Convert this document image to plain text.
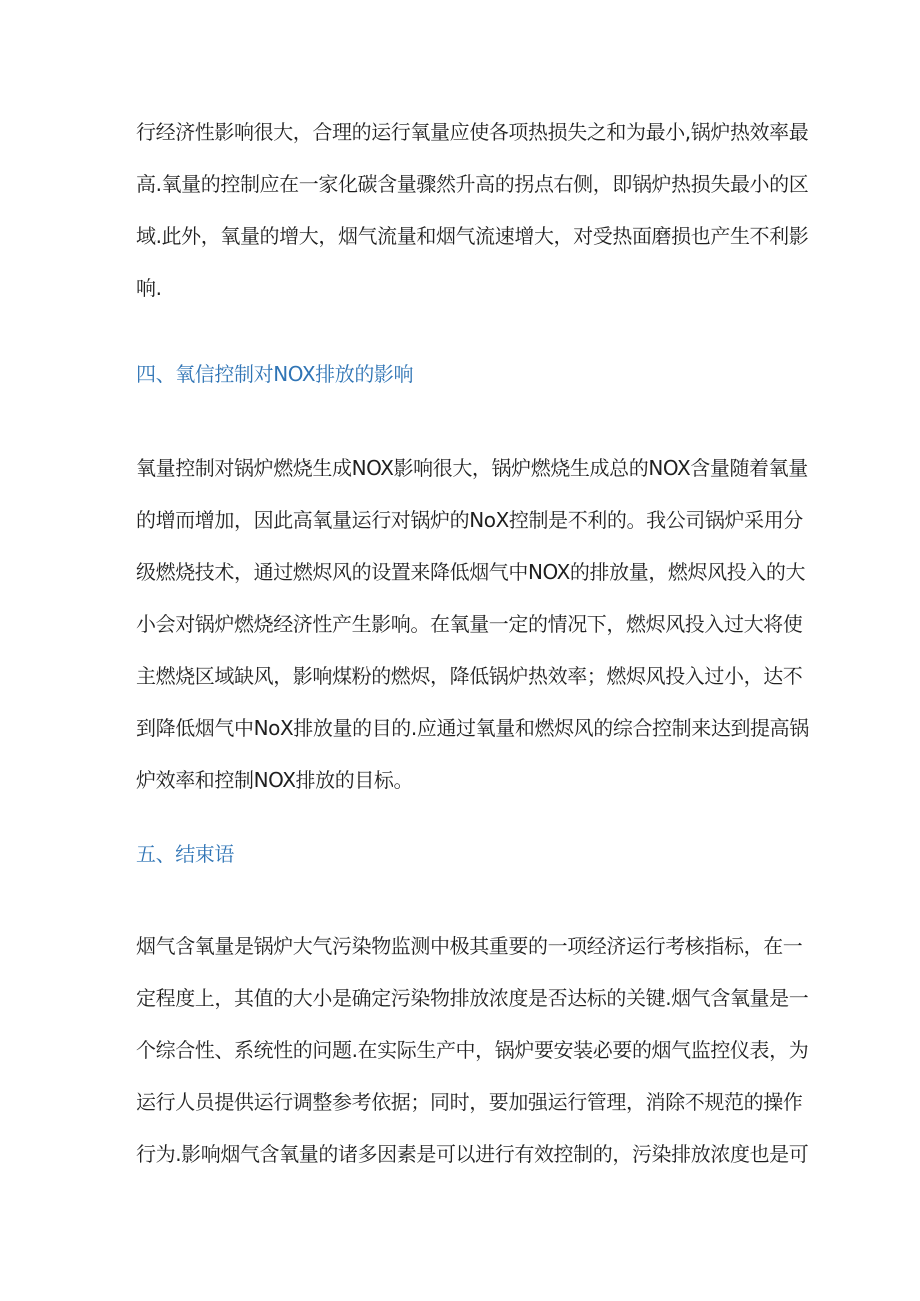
行经济性影响很大，合理的运行氧量应使各项热损失之和为最小,锅炉热效率最
高.氧量的控制应在一家化碳含量骤然升高的拐点右侧，即锅炉热损失最小的区
域.此外，氧量的增大，烟气流量和烟气流速增大，对受热面磨损也产生不利影
响.

四、氧信控制对NOX排放的影响

氧量控制对锅炉燃烧生成NOX影响很大，锅炉燃烧生成总的NOX含量随着氧量
的增而增加，因此高氧量运行对锅炉的NoX控制是不利的。我公司锅炉采用分
级燃烧技术，通过燃烬风的设置来降低烟气中NOX的排放量，燃烬风投入的大
小会对锅炉燃烧经济性产生影响。在氧量一定的情况下，燃烬风投入过大将使
主燃烧区域缺风，影响煤粉的燃烬，降低锅炉热效率；燃烬风投入过小，达不
到降低烟气中NoX排放量的目的.应通过氧量和燃烬风的综合控制来达到提高锅
炉效率和控制NOX排放的目标。

五、结束语

烟气含氧量是锅炉大气污染物监测中极其重要的一项经济运行考核指标，在一
定程度上，其值的大小是确定污染物排放浓度是否达标的关键.烟气含氧量是一
个综合性、系统性的问题.在实际生产中，锅炉要安装必要的烟气监控仪表，为
运行人员提供运行调整参考依据；同时，要加强运行管理，消除不规范的操作
行为.影响烟气含氧量的诸多因素是可以进行有效控制的，污染排放浓度也是可
